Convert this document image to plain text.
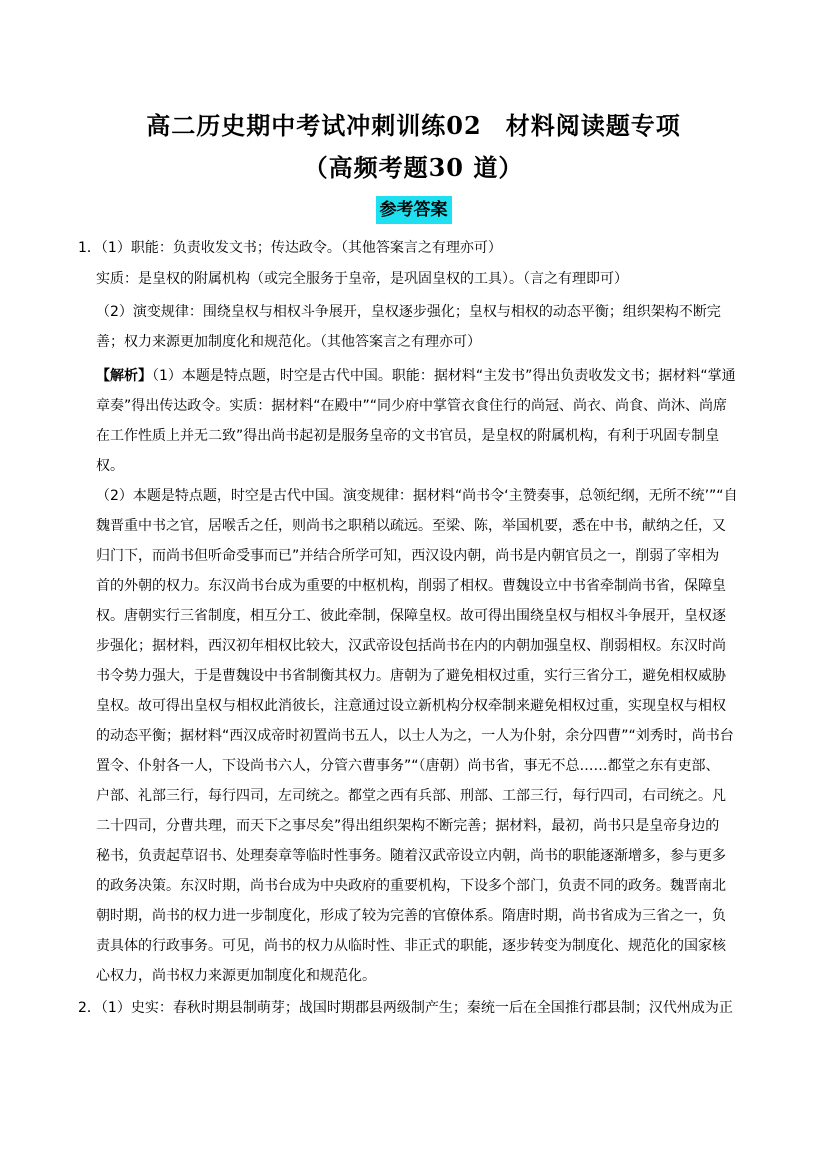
高二历史期中考试冲刺训练02 材料阅读题专项
（高频考题30 道）
参考答案
1．（1）职能：负责收发文书；传达政令。（其他答案言之有理亦可）
实质：是皇权的附属机构（或完全服务于皇帝，是巩固皇权的工具）。（言之有理即可）
（2）演变规律：围绕皇权与相权斗争展开，皇权逐步强化；皇权与相权的动态平衡；组织架构不断完
善；权力来源更加制度化和规范化。（其他答案言之有理亦可）
【解析】（1）本题是特点题，时空是古代中国。职能：据材料“主发书”得出负责收发文书；据材料“掌通
章奏”得出传达政令。实质：据材料“在殿中”“同少府中掌管衣食住行的尚冠、尚衣、尚食、尚沐、尚席
在工作性质上并无二致”得出尚书起初是服务皇帝的文书官员，是皇权的附属机构，有利于巩固专制皇
权。
（2）本题是特点题，时空是古代中国。演变规律：据材料“尚书令‘主赞奏事，总领纪纲，无所不统’”“自
魏晋重中书之官，居喉舌之任，则尚书之职稍以疏远。至梁、陈，举国机要，悉在中书，献纳之任，又
归门下，而尚书但听命受事而已”并结合所学可知，西汉设内朝，尚书是内朝官员之一，削弱了宰相为
首的外朝的权力。东汉尚书台成为重要的中枢机构，削弱了相权。曹魏设立中书省牵制尚书省，保障皇
权。唐朝实行三省制度，相互分工、彼此牵制，保障皇权。故可得出围绕皇权与相权斗争展开，皇权逐
步强化；据材料，西汉初年相权比较大，汉武帝设包括尚书在内的内朝加强皇权、削弱相权。东汉时尚
书令势力强大，于是曹魏设中书省制衡其权力。唐朝为了避免相权过重，实行三省分工，避免相权威胁
皇权。故可得出皇权与相权此消彼长，注意通过设立新机构分权牵制来避免相权过重，实现皇权与相权
的动态平衡；据材料“西汉成帝时初置尚书五人，以士人为之，一人为仆射，余分四曹”“刘秀时，尚书台
置令、仆射各一人，下设尚书六人，分管六曹事务”“（唐朝）尚书省，事无不总……都堂之东有吏部、
户部、礼部三行，每行四司，左司统之。都堂之西有兵部、刑部、工部三行，每行四司，右司统之。凡
二十四司，分曹共理，而天下之事尽矣”得出组织架构不断完善；据材料，最初，尚书只是皇帝身边的
秘书，负责起草诏书、处理奏章等临时性事务。随着汉武帝设立内朝，尚书的职能逐渐增多，参与更多
的政务决策。东汉时期，尚书台成为中央政府的重要机构，下设多个部门，负责不同的政务。魏晋南北
朝时期，尚书的权力进一步制度化，形成了较为完善的官僚体系。隋唐时期，尚书省成为三省之一，负
责具体的行政事务。可见，尚书的权力从临时性、非正式的职能，逐步转变为制度化、规范化的国家核
心权力，尚书权力来源更加制度化和规范化。
2．（1）史实：春秋时期县制萌芽；战国时期郡县两级制产生；秦统一后在全国推行郡县制；汉代州成为正
